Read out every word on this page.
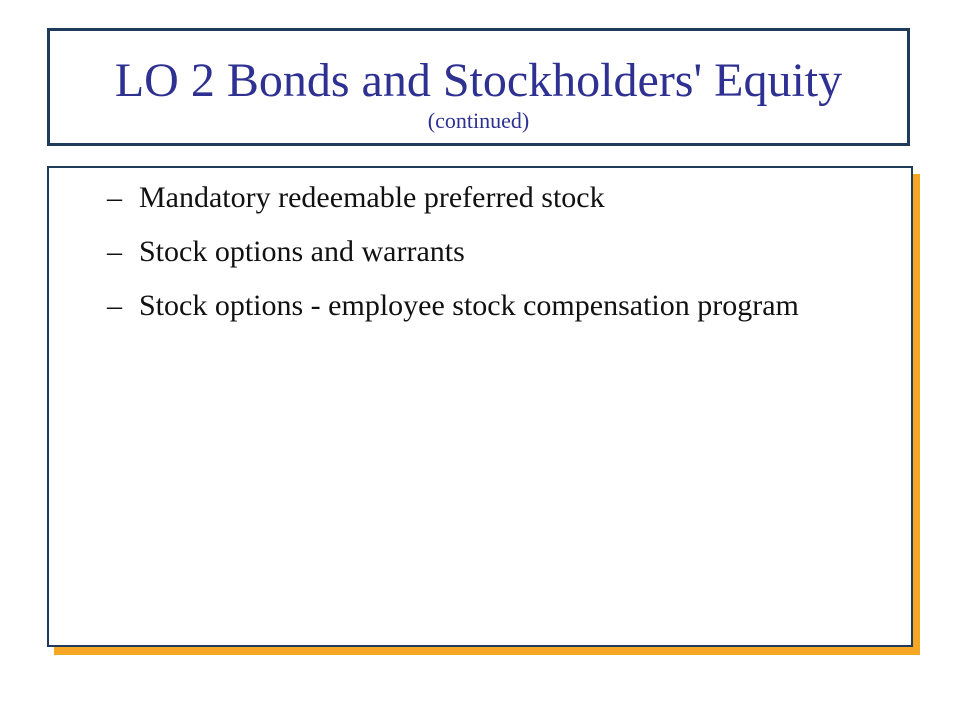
LO 2 Bonds and Stockholders' Equity
(continued)
– Mandatory redeemable preferred stock
– Stock options and warrants
– Stock options - employee stock compensation program
